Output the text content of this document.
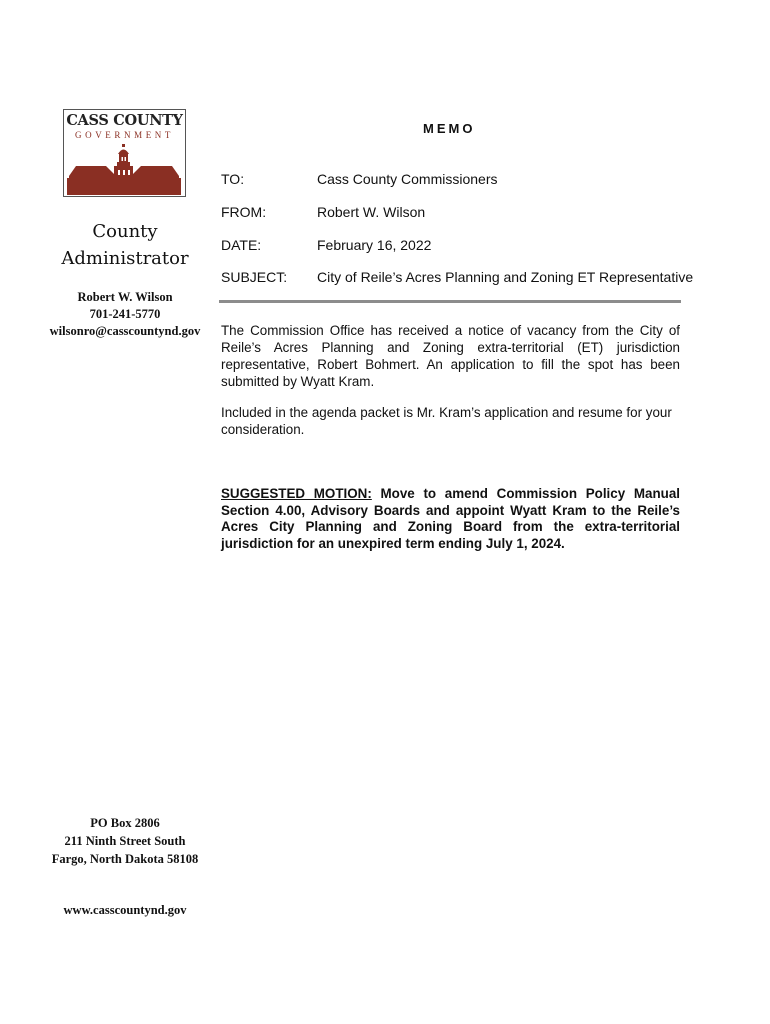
CASS COUNTY
GOVERNMENT
County
Administrator
Robert W. Wilson
701-241-5770
wilsonro@casscountynd.gov
PO Box 2806
211 Ninth Street South
Fargo, North Dakota 58108
www.casscountynd.gov
MEMO
TO:	Cass County Commissioners
FROM:	Robert W. Wilson
DATE:	February 16, 2022
SUBJECT: City of Reile’s Acres Planning and Zoning ET Representative
The Commission Office has received a notice of vacancy from the City of Reile’s Acres Planning and Zoning extra-territorial (ET) jurisdiction representative, Robert Bohmert. An application to fill the spot has been submitted by Wyatt Kram.
Included in the agenda packet is Mr. Kram’s application and resume for your consideration.
SUGGESTED MOTION: Move to amend Commission Policy Manual Section 4.00, Advisory Boards and appoint Wyatt Kram to the Reile’s Acres City Planning and Zoning Board from the extra-territorial jurisdiction for an unexpired term ending July 1, 2024.
